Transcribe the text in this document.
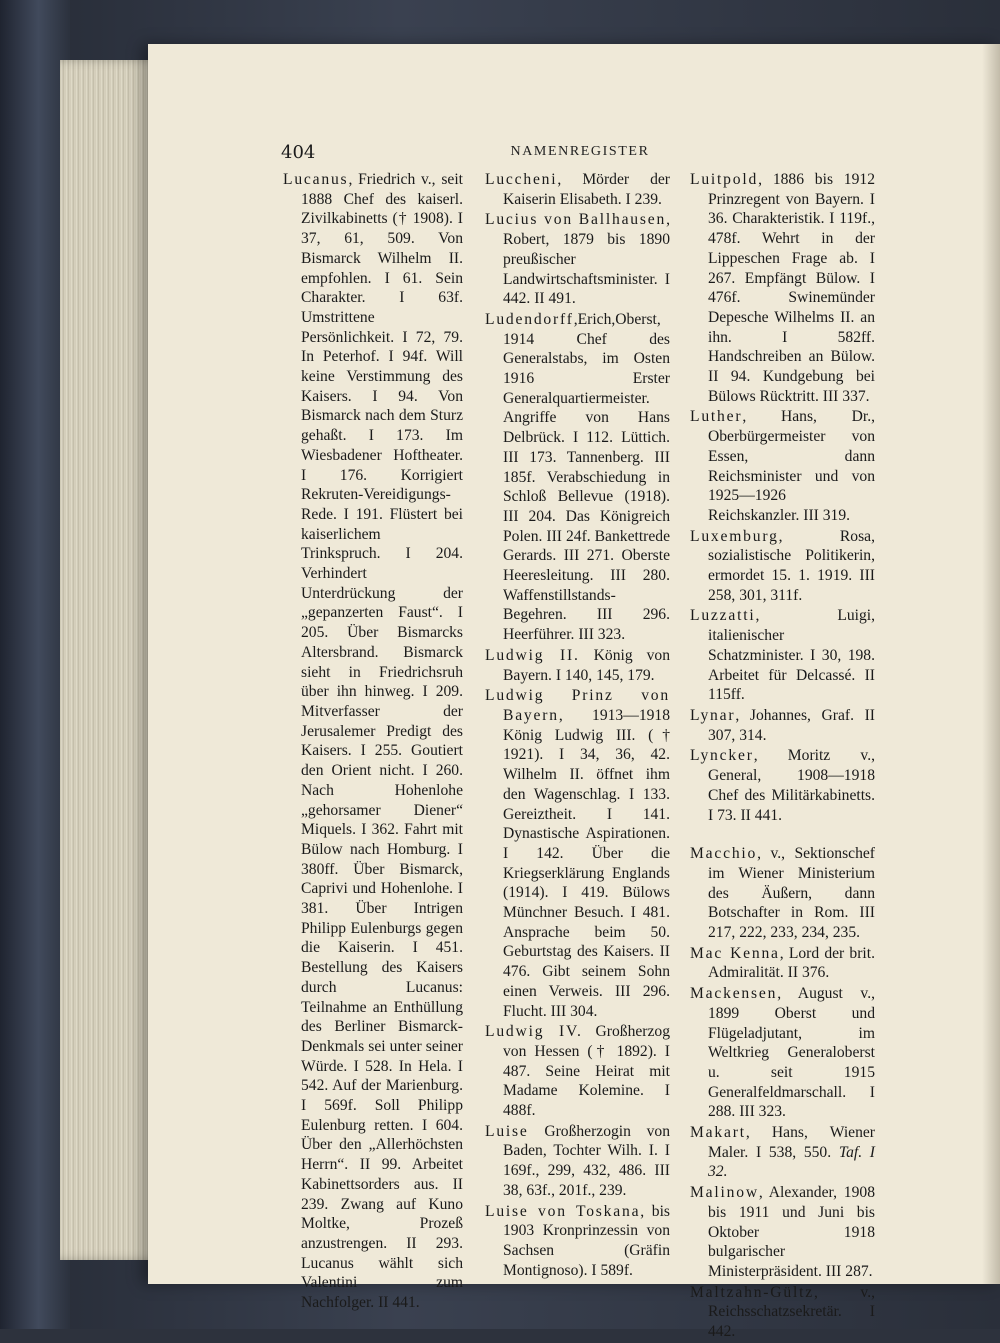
404	NAMENREGISTER
Lucanus, Friedrich v., seit 1888 Chef des kaiserl. Zivilkabinetts († 1908). I 37, 61, 509. Von Bismarck Wilhelm II. empfohlen. I 61. Sein Charakter. I 63f. Umstrittene Persönlichkeit. I 72, 79. In Peterhof. I 94f. Will keine Verstimmung des Kaisers. I 94. Von Bismarck nach dem Sturz gehaßt. I 173. Im Wiesbadener Hoftheater. I 176. Korrigiert Rekruten-Vereidigungs-Rede. I 191. Flüstert bei kaiserlichem Trinkspruch. I 204. Verhindert Unterdrückung der „gepanzerten Faust“. I 205. Über Bismarcks Altersbrand. Bismarck sieht in Friedrichsruh über ihn hinweg. I 209. Mitverfasser der Jerusalemer Predigt des Kaisers. I 255. Goutiert den Orient nicht. I 260. Nach Hohenlohe „gehorsamer Diener“ Miquels. I 362. Fahrt mit Bülow nach Homburg. I 380ff. Über Bismarck, Caprivi und Hohenlohe. I 381. Über Intrigen Philipp Eulenburgs gegen die Kaiserin. I 451. Bestellung des Kaisers durch Lucanus: Teilnahme an Enthüllung des Berliner Bismarck-Denkmals sei unter seiner Würde. I 528. In Hela. I 542. Auf der Marienburg. I 569f. Soll Philipp Eulenburg retten. I 604. Über den „Allerhöchsten Herrn“. II 99. Arbeitet Kabinettsorders aus. II 239. Zwang auf Kuno Moltke, Prozeß anzustrengen. II 293. Lucanus wählt sich Valentini zum Nachfolger. II 441.
Luccheni, Mörder der Kaiserin Elisabeth. I 239.
Lucius von Ballhausen, Robert, 1879 bis 1890 preußischer Landwirtschaftsminister. I 442. II 491.
Ludendorff,Erich,Oberst, 1914 Chef des Generalstabs, im Osten 1916 Erster Generalquartiermeister. Angriffe von Hans Delbrück. I 112. Lüttich. III 173. Tannenberg. III 185f. Verabschiedung in Schloß Bellevue (1918). III 204. Das Königreich Polen. III 24f. Bankettrede Gerards. III 271. Oberste Heeresleitung. III 280. Waffenstillstands-Begehren. III 296. Heerführer. III 323.
Ludwig II. König von Bayern. I 140, 145, 179.
Ludwig Prinz von Bayern, 1913—1918 König Ludwig III. († 1921). I 34, 36, 42. Wilhelm II. öffnet ihm den Wagenschlag. I 133. Gereiztheit. I 141. Dynastische Aspirationen. I 142. Über die Kriegserklärung Englands (1914). I 419. Bülows Münchner Besuch. I 481. Ansprache beim 50. Geburtstag des Kaisers. II 476. Gibt seinem Sohn einen Verweis. III 296. Flucht. III 304.
Ludwig IV. Großherzog von Hessen († 1892). I 487. Seine Heirat mit Madame Kolemine. I 488f.
Luise Großherzogin von Baden, Tochter Wilh. I. I 169f., 299, 432, 486. III 38, 63f., 201f., 239.
Luise von Toskana, bis 1903 Kronprinzessin von Sachsen (Gräfin Montignoso). I 589f.
Luitpold, 1886 bis 1912 Prinzregent von Bayern. I 36. Charakteristik. I 119f., 478f. Wehrt in der Lippeschen Frage ab. I 267. Empfängt Bülow. I 476f. Swinemünder Depesche Wilhelms II. an ihn. I 582ff. Handschreiben an Bülow. II 94. Kundgebung bei Bülows Rücktritt. III 337.
Luther, Hans, Dr., Oberbürgermeister von Essen, dann Reichsminister und von 1925—1926 Reichskanzler. III 319.
Luxemburg, Rosa, sozialistische Politikerin, ermordet 15. 1. 1919. III 258, 301, 311f.
Luzzatti, Luigi, italienischer Schatzminister. I 30, 198. Arbeitet für Delcassé. II 115ff.
Lynar, Johannes, Graf. II 307, 314.
Lyncker, Moritz v., General, 1908—1918 Chef des Militärkabinetts. I 73. II 441.
Macchio, v., Sektionschef im Wiener Ministerium des Äußern, dann Botschafter in Rom. III 217, 222, 233, 234, 235.
Mac Kenna, Lord der brit. Admiralität. II 376.
Mackensen, August v., 1899 Oberst und Flügeladjutant, im Weltkrieg Generaloberst u. seit 1915 Generalfeldmarschall. I 288. III 323.
Makart, Hans, Wiener Maler. I 538, 550. Taf. I 32.
Malinow, Alexander, 1908 bis 1911 und Juni bis Oktober 1918 bulgarischer Ministerpräsident. III 287.
Maltzahn-Gültz, v., Reichsschatzsekretär. I 442.
